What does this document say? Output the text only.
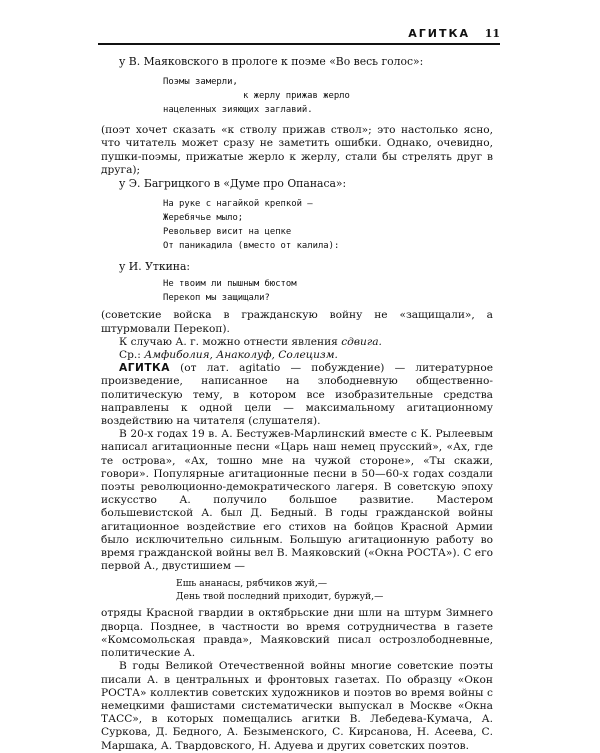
АГИТКА 11

у В. Маяковского в прологе к поэме «Во весь голос»:

Поэмы замерли,
к жерлу прижав жерло
нацеленных зияющих заглавий.

(поэт хочет сказать «к стволу прижав ствол»; это настолько ясно, что читатель может сразу не заметить ошибки. Однако, очевидно, пушки-поэмы, прижатые жерло к жерлу, стали бы стрелять друг в друга);

у Э. Багрицкого в «Думе про Опанаса»:

На руке с нагайкой крепкой —
Жеребячье мыло;
Револьвер висит на цепке
От паникадила (вместо от калила):

у И. Уткина:

Не твоим ли пышным бюстом
Перекоп мы защищали?

(советские войска в гражданскую войну не «защищали», а штурмовали Перекоп).

К случаю А. г. можно отнести явления сдвига.

Ср.: Амфиболия, Анаколуф, Солецизм.

АГИТКА (от лат. agitatio — побуждение) — литературное произведение, написанное на злободневную общественно-политическую тему, в котором все изобразительные средства направлены к одной цели — максимальному агитационному воздействию на читателя (слушателя).

В 20-х годах 19 в. А. Бестужев-Марлинский вместе с К. Рылеевым написал агитационные песни «Царь наш немец прусский», «Ах, где те острова», «Ах, тошно мне на чужой стороне», «Ты скажи, говори». Популярные агитационные песни в 50—60-х годах создали поэты революционно-демократического лагеря. В советскую эпоху искусство А. получило большое развитие. Мастером большевистской А. был Д. Бедный. В годы гражданской войны агитационное воздействие его стихов на бойцов Красной Армии было исключительно сильным. Большую агитационную работу во время гражданской войны вел В. Маяковский («Окна РОСТА»). С его первой А., двустишием —

Ешь ананасы, рябчиков жуй,—
День твой последний приходит, буржуй,—

отряды Красной гвардии в октябрьские дни шли на штурм Зимнего дворца. Позднее, в частности во время сотрудничества в газете «Комсомольская правда», Маяковский писал острозлободневные, политические А.

В годы Великой Отечественной войны многие советские поэты писали А. в центральных и фронтовых газетах. По образцу «Окон РОСТА» коллектив советских художников и поэтов во время войны с немецкими фашистами систематически выпускал в Москве «Окна ТАСС», в которых помещались агитки В. Лебедева-Кумача, А. Суркова, Д. Бедного, А. Безыменского, С. Кирсанова, Н. Асеева, С. Маршака, А. Твардовского, Н. Адуева и других советских поэтов.
